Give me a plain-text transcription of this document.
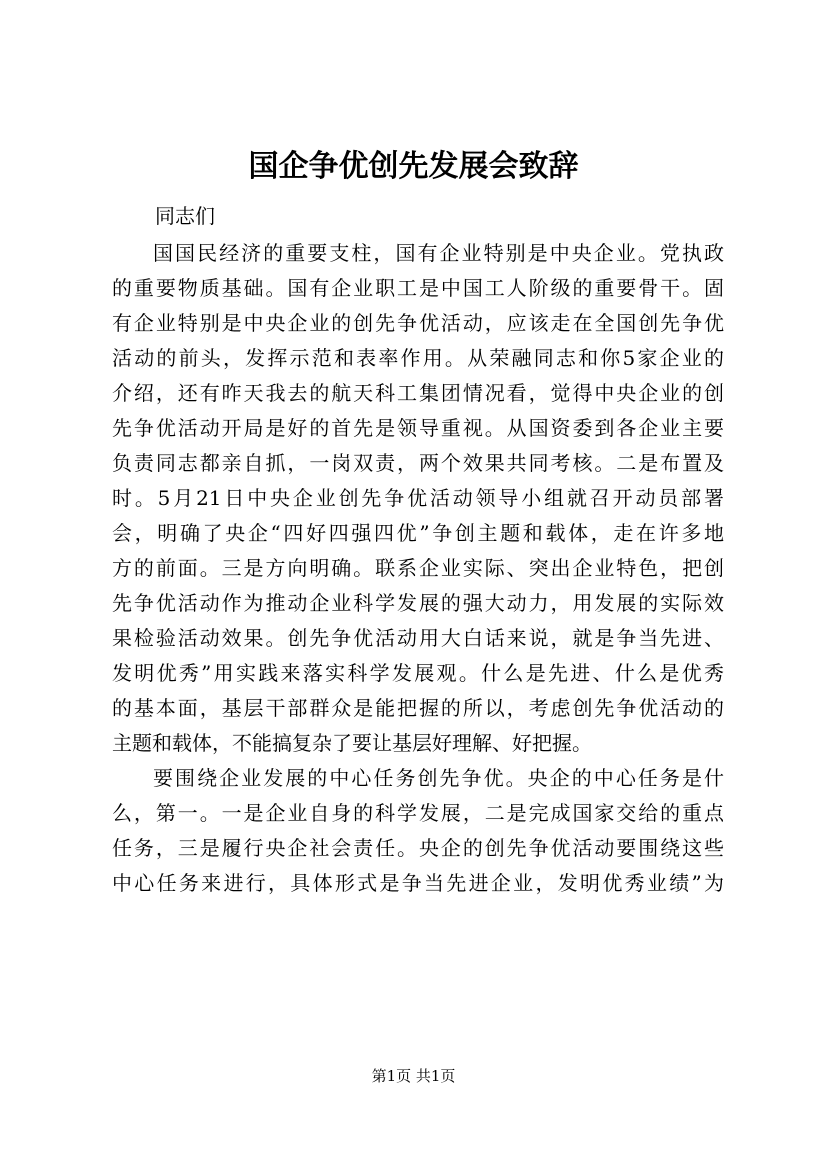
国企争优创先发展会致辞
同志们
国国民经济的重要支柱，国有企业特别是中央企业。党执政
的重要物质基础。国有企业职工是中国工人阶级的重要骨干。固
有企业特别是中央企业的创先争优活动，应该走在全国创先争优
活动的前头，发挥示范和表率作用。从荣融同志和你5家企业的
介绍，还有昨天我去的航天科工集团情况看，觉得中央企业的创
先争优活动开局是好的首先是领导重视。从国资委到各企业主要
负责同志都亲自抓，一岗双责，两个效果共同考核。二是布置及
时。5月21日中央企业创先争优活动领导小组就召开动员部署
会，明确了央企“四好四强四优”争创主题和载体，走在许多地
方的前面。三是方向明确。联系企业实际、突出企业特色，把创
先争优活动作为推动企业科学发展的强大动力，用发展的实际效
果检验活动效果。创先争优活动用大白话来说，就是争当先进、
发明优秀”用实践来落实科学发展观。什么是先进、什么是优秀
的基本面，基层干部群众是能把握的所以，考虑创先争优活动的
主题和载体，不能搞复杂了要让基层好理解、好把握。
要围绕企业发展的中心任务创先争优。央企的中心任务是什
么，第一。一是企业自身的科学发展，二是完成国家交给的重点
任务，三是履行央企社会责任。央企的创先争优活动要围绕这些
中心任务来进行，具体形式是争当先进企业，发明优秀业绩”为
第1页 共1页
